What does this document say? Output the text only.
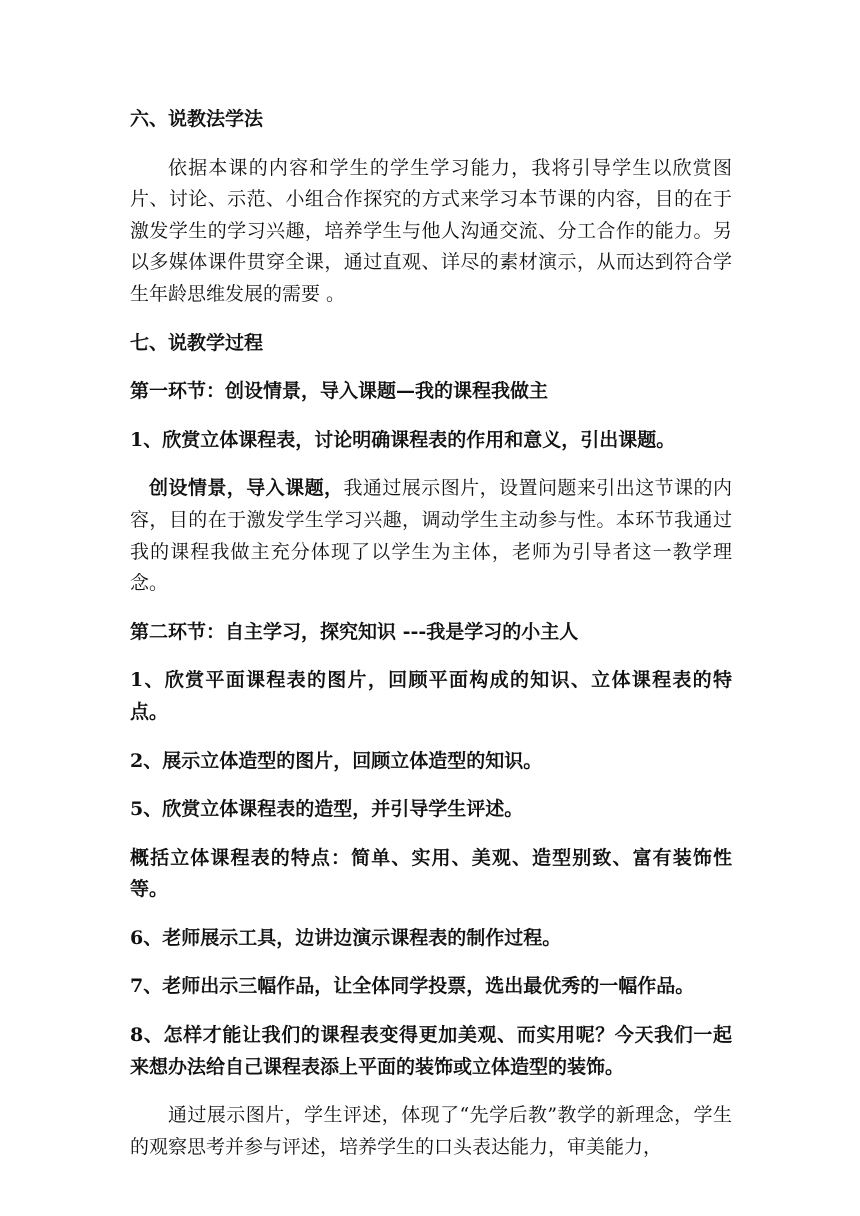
六、说教法学法

依据本课的内容和学生的学生学习能力，我将引导学生以欣赏图片、讨论、示范、小组合作探究的方式来学习本节课的内容，目的在于激发学生的学习兴趣，培养学生与他人沟通交流、分工合作的能力。另以多媒体课件贯穿全课，通过直观、详尽的素材演示，从而达到符合学生年龄思维发展的需要 。

七、说教学过程

第一环节：创设情景，导入课题—我的课程我做主

1、欣赏立体课程表，讨论明确课程表的作用和意义，引出课题。

创设情景，导入课题，我通过展示图片，设置问题来引出这节课的内容，目的在于激发学生学习兴趣，调动学生主动参与性。本环节我通过我的课程我做主充分体现了以学生为主体，老师为引导者这一教学理念。

第二环节：自主学习，探究知识 ---我是学习的小主人

1、欣赏平面课程表的图片，回顾平面构成的知识、立体课程表的特点。

2、展示立体造型的图片，回顾立体造型的知识。

5、欣赏立体课程表的造型，并引导学生评述。

概括立体课程表的特点：简单、实用、美观、造型别致、富有装饰性等。

6、老师展示工具，边讲边演示课程表的制作过程。

7、老师出示三幅作品，让全体同学投票，选出最优秀的一幅作品。

8、怎样才能让我们的课程表变得更加美观、而实用呢？今天我们一起来想办法给自己课程表添上平面的装饰或立体造型的装饰。

通过展示图片，学生评述，体现了“先学后教”教学的新理念，学生的观察思考并参与评述，培养学生的口头表达能力，审美能力，
